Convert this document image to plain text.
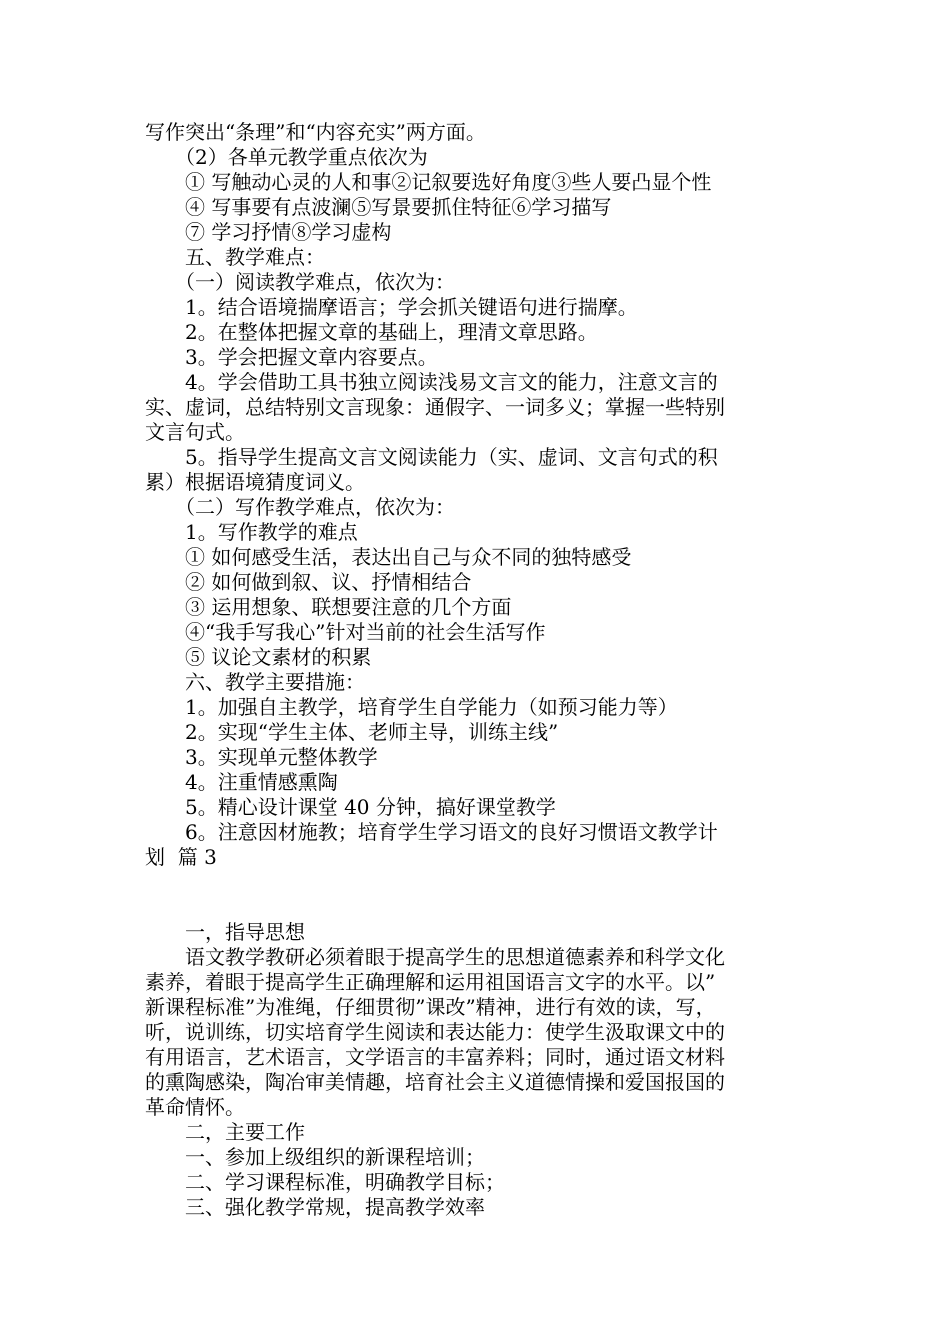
写作突出“条理”和“内容充实”两方面。
　　（2）各单元教学重点依次为
　　① 写触动心灵的人和事②记叙要选好角度③些人要凸显个性
　　④ 写事要有点波澜⑤写景要抓住特征⑥学习描写
　　⑦ 学习抒情⑧学习虚构
　　五、教学难点：
　　（一）阅读教学难点，依次为：
　　1。结合语境揣摩语言；学会抓关键语句进行揣摩。
　　2。在整体把握文章的基础上，理清文章思路。
　　3。学会把握文章内容要点。
　　4。学会借助工具书独立阅读浅易文言文的能力，注意文言的
实、虚词，总结特别文言现象：通假字、一词多义；掌握一些特别
文言句式。
　　5。指导学生提高文言文阅读能力（实、虚词、文言句式的积
累）根据语境猜度词义。
　　（二）写作教学难点，依次为：
　　1。写作教学的难点
　　① 如何感受生活，表达出自己与众不同的独特感受
　　② 如何做到叙、议、抒情相结合
　　③ 运用想象、联想要注意的几个方面
　　④“我手写我心”针对当前的社会生活写作
　　⑤ 议论文素材的积累
　　六、教学主要措施：
　　1。加强自主教学，培育学生自学能力（如预习能力等）
　　2。实现“学生主体、老师主导，训练主线”
　　3。实现单元整体教学
　　4。注重情感熏陶
　　5。精心设计课堂 40 分钟，搞好课堂教学
　　6。注意因材施教；培育学生学习语文的良好习惯语文教学计
划  篇 3
　　一，指导思想
　　语文教学教研必须着眼于提高学生的思想道德素养和科学文化
素养，着眼于提高学生正确理解和运用祖国语言文字的水平。以”
新课程标准”为准绳，仔细贯彻”课改”精神，进行有效的读，写，
听，说训练，切实培育学生阅读和表达能力：使学生汲取课文中的
有用语言，艺术语言，文学语言的丰富养料；同时，通过语文材料
的熏陶感染，陶冶审美情趣，培育社会主义道德情操和爱国报国的
革命情怀。
　　二，主要工作
　　一、参加上级组织的新课程培训；
　　二、学习课程标准，明确教学目标；
　　三、强化教学常规，提高教学效率
